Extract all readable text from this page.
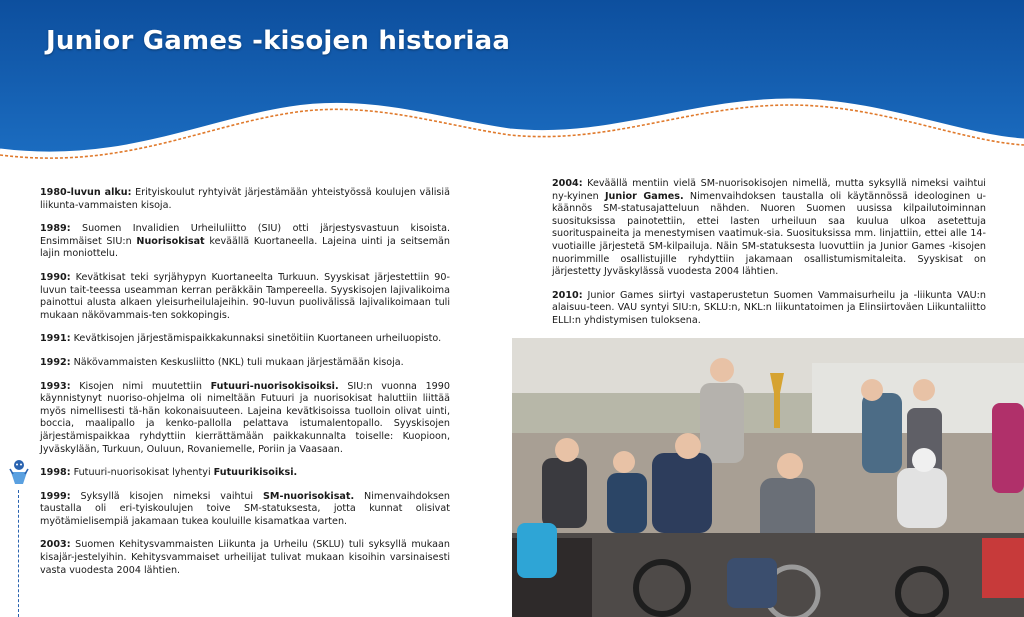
Junior Games -kisojen historiaa

1980-luvun alku: Erityiskoulut ryhtyivät järjestämään yhteistyössä koulujen välisiä liikunta-vammaisten kisoja.

1989: Suomen Invalidien Urheiluliitto (SIU) otti järjestysvastuun kisoista. Ensimmäiset SIU:n Nuorisokisat keväällä Kuortaneella. Lajeina uinti ja seitsemän lajin moniottelu.

1990: Kevätkisat teki syrjähypyn Kuortaneelta Turkuun. Syyskisat järjestettiin 90-luvun tait-teessa useamman kerran peräkkäin Tampereella. Syyskisojen lajivalikoima painottui alusta alkaen yleisurheilulajeihin. 90-luvun puolivälissä lajivalikoimaan tuli mukaan näkövammais-ten sokkopingis.

1991: Kevätkisojen järjestämispaikkakunnaksi sinetöitiin Kuortaneen urheiluopisto.

1992: Näkövammaisten Keskusliitto (NKL) tuli mukaan järjestämään kisoja.

1993: Kisojen nimi muutettiin Futuuri-nuorisokisoiksi. SIU:n vuonna 1990 käynnistynyt nuoriso-ohjelma oli nimeltään Futuuri ja nuorisokisat haluttiin liittää myös nimellisesti tä-hän kokonaisuuteen. Lajeina kevätkisoissa tuolloin olivat uinti, boccia, maalipallo ja kenko-pallolla pelattava istumalentopallo. Syyskisojen järjestämispaikkaa ryhdyttiin kierrättämään paikkakunnalta toiselle: Kuopioon, Jyväskylään, Turkuun, Ouluun, Rovaniemelle, Poriin ja Vaasaan.

1998: Futuuri-nuorisokisat lyhentyi Futuurikisoiksi.

1999: Syksyllä kisojen nimeksi vaihtui SM-nuorisokisat. Nimenvaihdoksen taustalla oli eri-tyiskoulujen toive SM-statuksesta, jotta kunnat olisivat myötämielisempiä jakamaan tukea kouluille kisamatkaa varten.

2003: Suomen Kehitysvammaisten Liikunta ja Urheilu (SKLU) tuli syksyllä mukaan kisajär-jestelyihin. Kehitysvammaiset urheilijat tulivat mukaan kisoihin varsinaisesti vasta vuodesta 2004 lähtien.

2004: Keväällä mentiin vielä SM-nuorisokisojen nimellä, mutta syksyllä nimeksi vaihtui ny-kyinen Junior Games. Nimenvaihdoksen taustalla oli käytännössä ideologinen u-käännös SM-statusajatteluun nähden. Nuoren Suomen uusissa kilpailutoiminnan suosituksissa painotettiin, ettei lasten urheiluun saa kuulua ulkoa asetettuja suorituspaineita ja menestymisen vaatimuk-sia. Suosituksissa mm. linjattiin, ettei alle 14-vuotiaille järjestetä SM-kilpailuja. Näin SM-statuksesta luovuttiin ja Junior Games -kisojen nuorimmille osallistujille ryhdyttiin jakamaan osallistumismitaleita. Syyskisat on järjestetty Jyväskylässä vuodesta 2004 lähtien.

2010: Junior Games siirtyi vastaperustetun Suomen Vammaisurheilu ja -liikunta VAU:n alaisuu-teen. VAU syntyi SIU:n, SKLU:n, NKL:n liikuntatoimen ja Elinsiirtoväen Liikuntaliitto ELLI:n yhdistymisen tuloksena.
